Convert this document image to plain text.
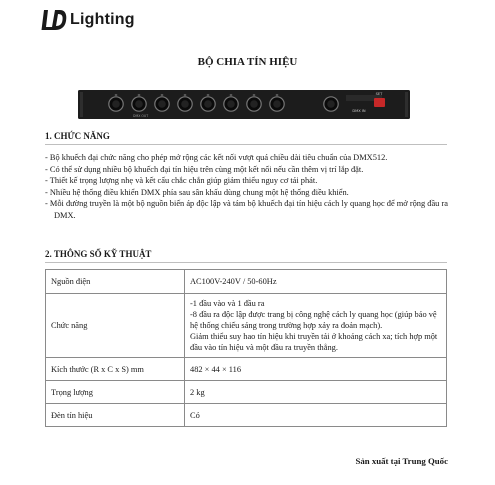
Lighting
BỘ CHIA TÍN HIỆU
DMX IN
SET
DMX OUT
1. CHỨC NĂNG
- Bộ khuếch đại chức năng cho phép mở rộng các kết nối vượt quá chiều dài tiêu chuẩn của DMX512.
- Có thể sử dụng nhiều bộ khuếch đại tín hiệu trên cùng một kết nối nếu cần thêm vị trí lắp đặt.
- Thiết kế trọng lượng nhẹ và kết cấu chắc chắn giúp giảm thiểu nguy cơ tái phát.
- Nhiều hệ thống điều khiển DMX phía sau sân khấu dùng chung một hệ thống điều khiển.
- Mỗi đường truyền là một bộ nguồn biến áp độc lập và tám bộ khuếch đại tín hiệu cách ly quang học để mở rộng đầu ra DMX.
2. THÔNG SỐ KỸ THUẬT
Nguồn điện	AC100V-240V / 50-60Hz
Chức năng	-1 đầu vào và 1 đầu ra
-8 đầu ra độc lập được trang bị công nghệ cách ly quang học (giúp bảo vệ hệ thống chiếu sáng trong trường hợp xảy ra đoản mạch).
Giảm thiểu suy hao tín hiệu khi truyền tải ở khoảng cách xa; tích hợp một đầu vào tín hiệu và một đầu ra truyền thẳng.

Kích thước (R x C x S) mm	482 × 44 × 116
Trọng lượng	2 kg
Đèn tín hiệu	Có
Sản xuất tại Trung Quốc
